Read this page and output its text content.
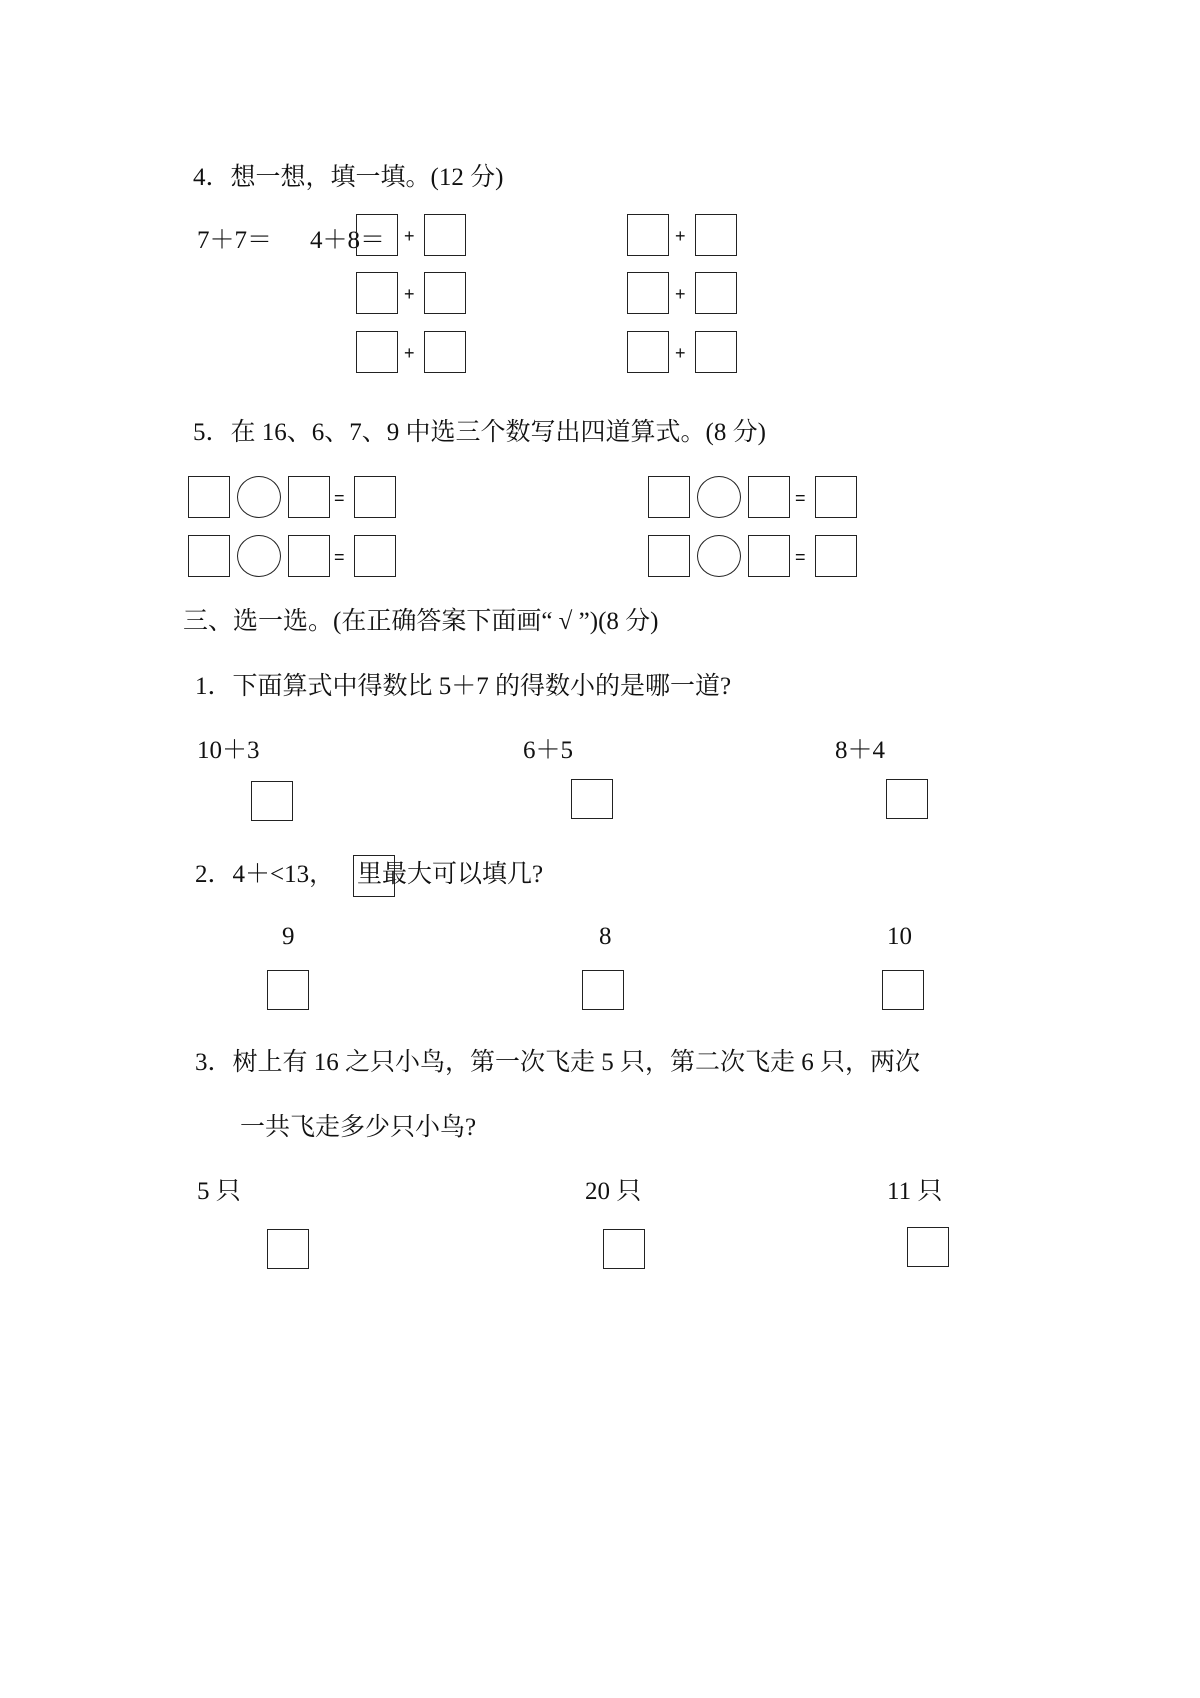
4．想一想，填一填。(12 分)
7＋7＝ 4＋8＝ +
+
+
+
+
+
5．在 16、6、7、9 中选三个数写出四道算式。(8 分)
=
=
=
=
三、选一选。(在正确答案下面画“ √ ”)(8 分)
1．下面算式中得数比 5＋7 的得数小的是哪一道?
10＋3	6＋5	8＋4
2．4＋<13， 里最大可以填几?
9	8	10
3．树上有 16 之只小鸟，第一次飞走 5 只，第二次飞走 6 只，两次
一共飞走多少只小鸟?
5 只	20 只	11 只
